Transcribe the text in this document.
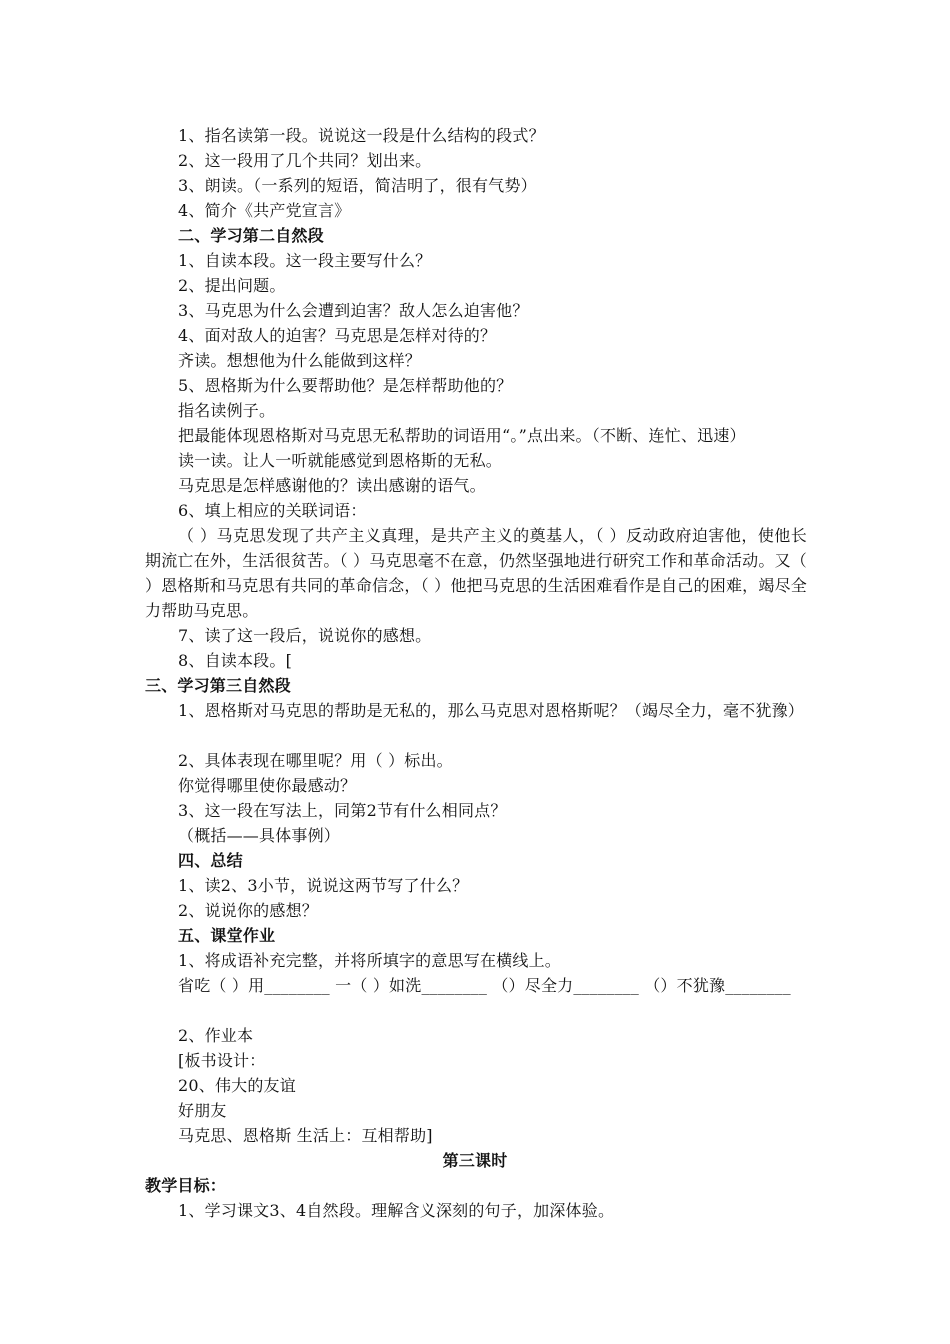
1、指名读第一段。说说这一段是什么结构的段式？
2、这一段用了几个共同？划出来。
3、朗读。（一系列的短语，简洁明了，很有气势）
4、简介《共产党宣言》
二、学习第二自然段
1、自读本段。这一段主要写什么？
2、提出问题。
3、马克思为什么会遭到迫害？敌人怎么迫害他？
4、面对敌人的迫害？马克思是怎样对待的？
齐读。想想他为什么能做到这样？
5、恩格斯为什么要帮助他？是怎样帮助他的？
指名读例子。
把最能体现恩格斯对马克思无私帮助的词语用“。”点出来。（不断、连忙、迅速）
读一读。让人一听就能感觉到恩格斯的无私。
马克思是怎样感谢他的？读出感谢的语气。
6、填上相应的关联词语：
（ ）马克思发现了共产主义真理，是共产主义的奠基人，（ ）反动政府迫害他，使他长期流亡在外，生活很贫苦。（ ）马克思毫不在意，仍然坚强地进行研究工作和革命活动。又（ ）恩格斯和马克思有共同的革命信念，（ ）他把马克思的生活困难看作是自己的困难，竭尽全力帮助马克思。
7、读了这一段后，说说你的感想。
8、自读本段。[
三、学习第三自然段
1、恩格斯对马克思的帮助是无私的，那么马克思对恩格斯呢？（竭尽全力，毫不犹豫）
2、具体表现在哪里呢？用（ ）标出。
你觉得哪里使你最感动？
3、这一段在写法上，同第2节有什么相同点？
（概括——具体事例）
四、总结
1、读2、3小节，说说这两节写了什么？
2、说说你的感想？
五、课堂作业
1、将成语补充完整，并将所填字的意思写在横线上。
省吃（ ）用________ 一（ ）如洗________ （）尽全力________ （）不犹豫________
2、作业本
[板书设计：
20、伟大的友谊
好朋友
马克思、恩格斯 生活上：互相帮助]
第三课时
教学目标：
1、学习课文3、4自然段。理解含义深刻的句子，加深体验。
